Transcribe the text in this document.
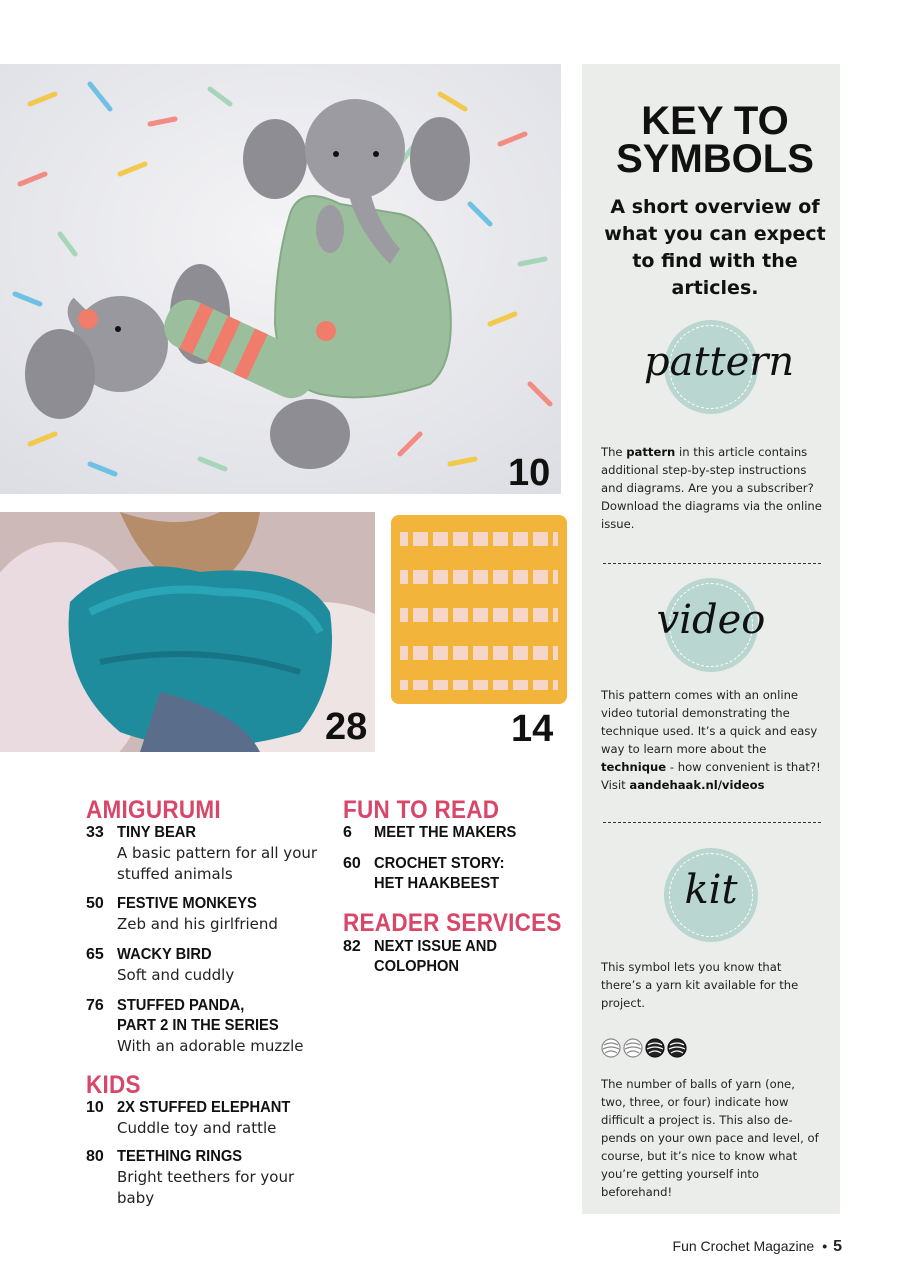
10
28	14
AMIGURUMI
33 TINY BEAR
A basic pattern for all your
stuffed animals
50 FESTIVE MONKEYS
Zeb and his girlfriend
65 WACKY BIRD
Soft and cuddly
76 STUFFED PANDA,
PART 2 IN THE SERIES
With an adorable muzzle
KIDS
10 2X STUFFED ELEPHANT
Cuddle toy and rattle
80 TEETHING RINGS
Bright teethers for your
baby
FUN TO READ
6 MEET THE MAKERS
60 CROCHET STORY:
HET HAAKBEEST
READER SERVICES
82 NEXT ISSUE AND
COLOPHON
KEY TO
SYMBOLS
A short overview of what you can expect to find with the articles.
pattern
The pattern in this article contains additional step-by-step instructions and diagrams. Are you a subscriber? Download the diagrams via the online issue.
video
This pattern comes with an online video tutorial demonstrating the technique used. It’s a quick and easy way to learn more about the technique - how convenient is that?! Visit aandehaak.nl/videos
kit
This symbol lets you know that there’s a yarn kit available for the project.
The number of balls of yarn (one, two, three, or four) indicate how difficult a project is. This also de-pends on your own pace and level, of course, but it’s nice to know what you’re getting yourself into beforehand!
Fun Crochet Magazine • 5
